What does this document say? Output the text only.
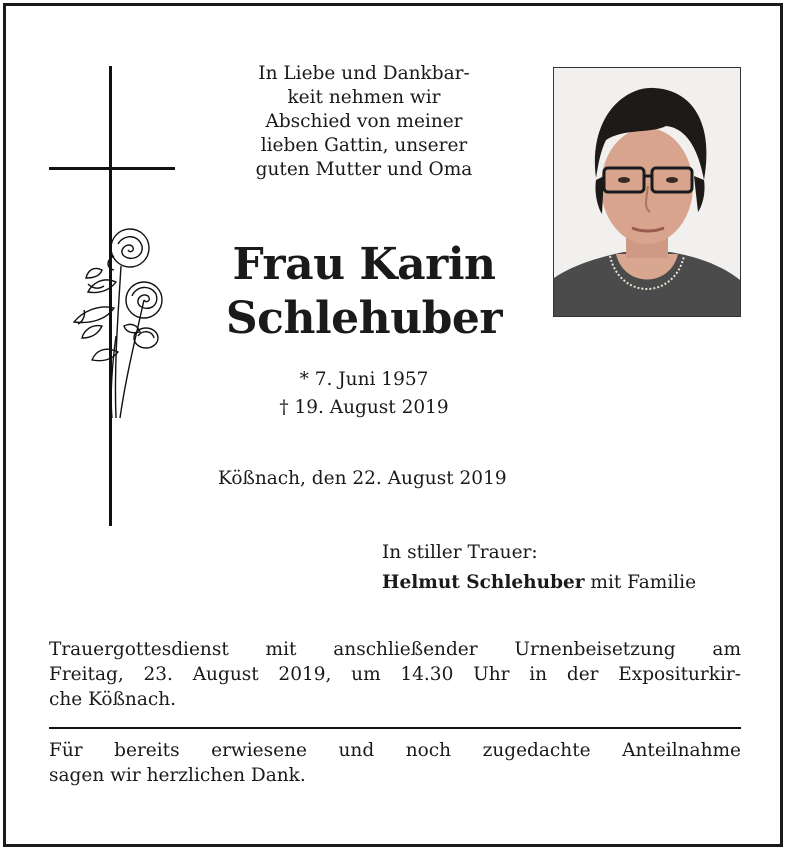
In Liebe und Dankbar-
keit nehmen wir
Abschied von meiner
lieben Gattin, unserer
guten Mutter und Oma
Frau Karin
Schlehuber
* 7. Juni 1957
† 19. August 2019
Kößnach, den 22. August 2019
In stiller Trauer:
Helmut Schlehuber mit Familie
Trauergottesdienst mit anschließender Urnenbeisetzung am
Freitag, 23. August 2019, um 14.30 Uhr in der Expositurkir-
che Kößnach.
Für bereits erwiesene und noch zugedachte Anteilnahme
sagen wir herzlichen Dank.
